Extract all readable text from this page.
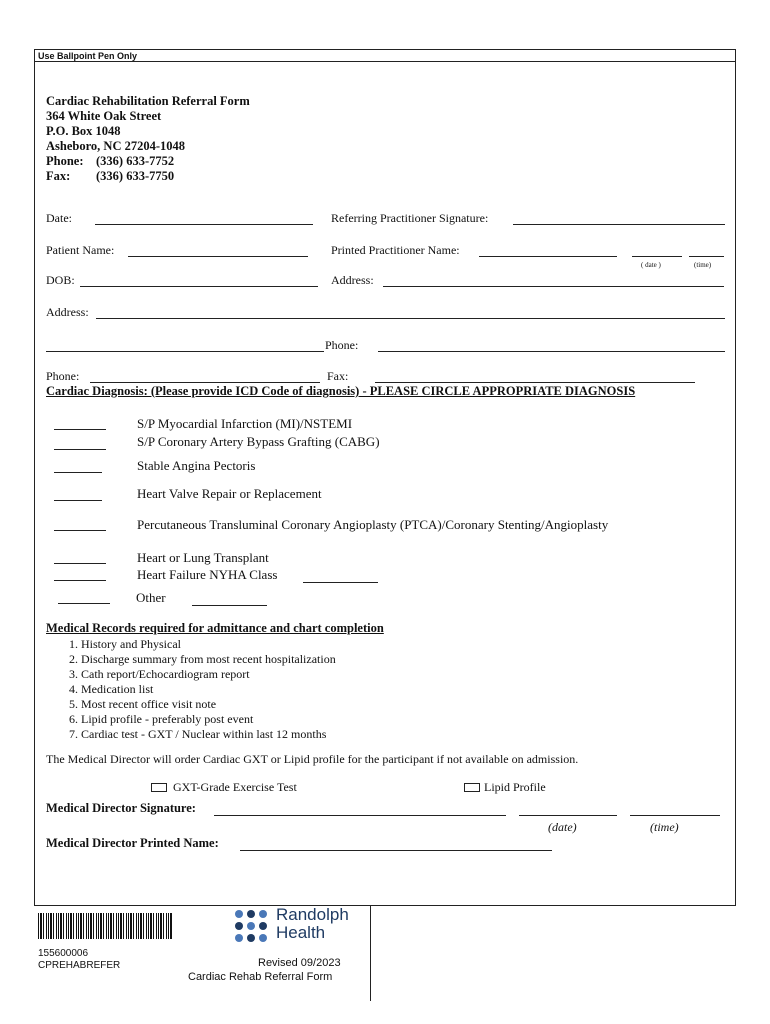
Use Ballpoint Pen Only
Cardiac Rehabilitation Referral Form
364 White Oak Street
P.O. Box 1048
Asheboro, NC 27204-1048
Phone: (336) 633-7752
Fax: (336) 633-7750
Date:	Referring Practitioner Signature:
Patient Name:	Printed Practitioner Name:
( date )	(time)
DOB:	Address:
Address:
Phone:
Phone:	Fax:
Cardiac Diagnosis: (Please provide ICD Code of diagnosis) - PLEASE CIRCLE APPROPRIATE DIAGNOSIS
S/P Myocardial Infarction (MI)/NSTEMI
S/P Coronary Artery Bypass Grafting (CABG)
Stable Angina Pectoris
Heart Valve Repair or Replacement
Percutaneous Transluminal Coronary Angioplasty (PTCA)/Coronary Stenting/Angioplasty
Heart or Lung Transplant
Heart Failure NYHA Class
Other
Medical Records required for admittance and chart completion
1. History and Physical
2. Discharge summary from most recent hospitalization
3. Cath report/Echocardiogram report
4. Medication list
5. Most recent office visit note
6. Lipid profile - preferably post event
7. Cardiac test - GXT / Nuclear within last 12 months
The Medical Director will order Cardiac GXT or Lipid profile for the participant if not available on admission.
GXT-Grade Exercise Test	Lipid Profile
Medical Director Signature:
(date)	(time)
Medical Director Printed Name:
155600006
CPREHABREFER
Randolph
Health
Revised 09/2023
Cardiac Rehab Referral Form
